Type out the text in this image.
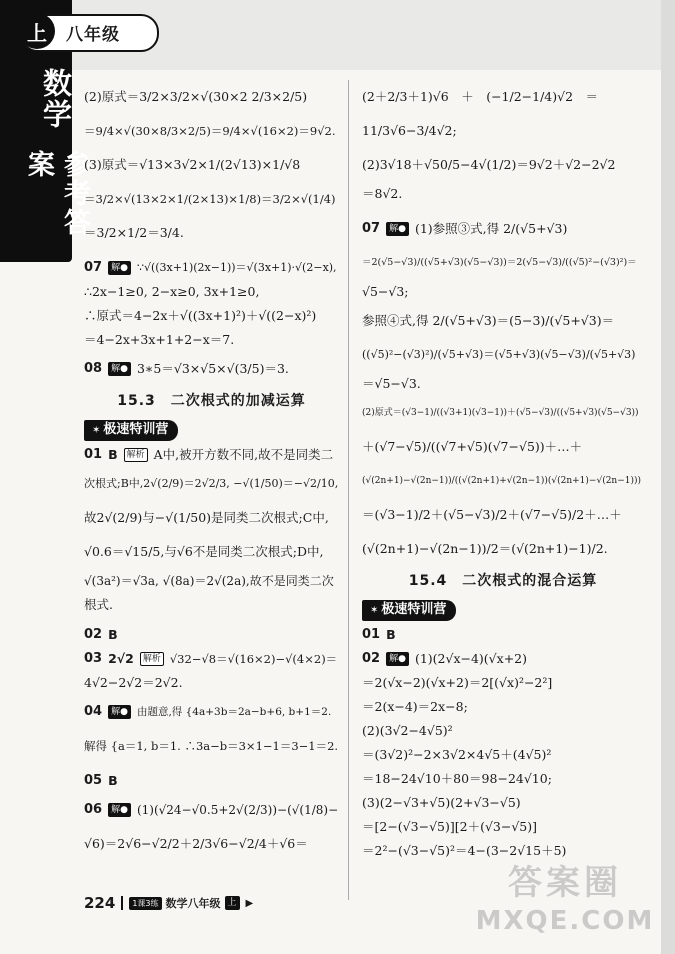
数学
参考答案
上	八年级
(2)原式＝3/2×3/2×√(30×2 2/3×2/5)
＝9/4×√(30×8/3×2/5)＝9/4×√(16×2)＝9√2.
(3)原式＝√13×3√2×1/(2√13)×1/√8
＝3/2×√(13×2×1/(2×13)×1/8)＝3/2×√(1/4)
＝3/2×1/2＝3/4.
07	解● ∵√((3x+1)(2x−1))＝√(3x+1)·√(2−x),
∴2x−1≥0, 2−x≥0, 3x+1≥0,
∴原式＝4−2x＋√((3x+1)²)＋√((2−x)²)
＝4−2x+3x+1+2−x＝7.
08	解● 3∗5＝√3×√5×√(3/5)＝3.
15.3　二次根式的加减运算
✶ 极速特训营
01 B	解析 A中,被开方数不同,故不是同类二
次根式;B中,2√(2/9)＝2√2/3, −√(1/50)＝−√2/10,
故2√(2/9)与−√(1/50)是同类二次根式;C中,
√0.6＝√15/5,与√6不是同类二次根式;D中,
√(3a²)＝√3a, √(8a)＝2√(2a),故不是同类二次
根式.
02 B
03 2√2	解析 √32−√8＝√(16×2)−√(4×2)＝
4√2−2√2＝2√2.
04	解● 由题意,得 {4a+3b＝2a−b+6, b+1＝2.
解得 {a＝1, b＝1. ∴3a−b＝3×1−1＝3−1＝2.
05 B
06	解● (1)(√24−√0.5+2√(2/3))−(√(1/8)−
√6)＝2√6−√2/2＋2/3√6−√2/4＋√6＝
(2＋2/3＋1)√6　＋　(−1/2−1/4)√2　＝
11/3√6−3/4√2;
(2)3√18＋√50/5−4√(1/2)＝9√2＋√2−2√2
＝8√2.
07	解● (1)参照③式,得 2/(√5+√3)
＝2(√5−√3)/((√5+√3)(√5−√3))＝2(√5−√3)/((√5)²−(√3)²)＝
√5−√3;
参照④式,得 2/(√5+√3)＝(5−3)/(√5+√3)＝
((√5)²−(√3)²)/(√5+√3)＝(√5+√3)(√5−√3)/(√5+√3)
＝√5−√3.
(2)原式＝(√3−1)/((√3+1)(√3−1))＋(√5−√3)/((√5+√3)(√5−√3))
＋(√7−√5)/((√7+√5)(√7−√5))＋…＋
(√(2n+1)−√(2n−1))/((√(2n+1)+√(2n−1))(√(2n+1)−√(2n−1)))
＝(√3−1)/2＋(√5−√3)/2＋(√7−√5)/2＋…＋
(√(2n+1)−√(2n−1))/2＝(√(2n+1)−1)/2.
15.4　二次根式的混合运算
✶ 极速特训营
01 B
02	解● (1)(2√x−4)(√x+2)
＝2(√x−2)(√x+2)＝2[(√x)²−2²]
＝2(x−4)＝2x−8;
(2)(3√2−4√5)²
＝(3√2)²−2×3√2×4√5＋(4√5)²
＝18−24√10＋80＝98−24√10;
(3)(2−√3+√5)(2+√3−√5)
＝[2−(√3−√5)][2＋(√3−√5)]
＝2²−(√3−√5)²＝4−(3−2√15＋5)
224	1课3练 数学八年级 上 ▶	答案圈
MXQE.COM
